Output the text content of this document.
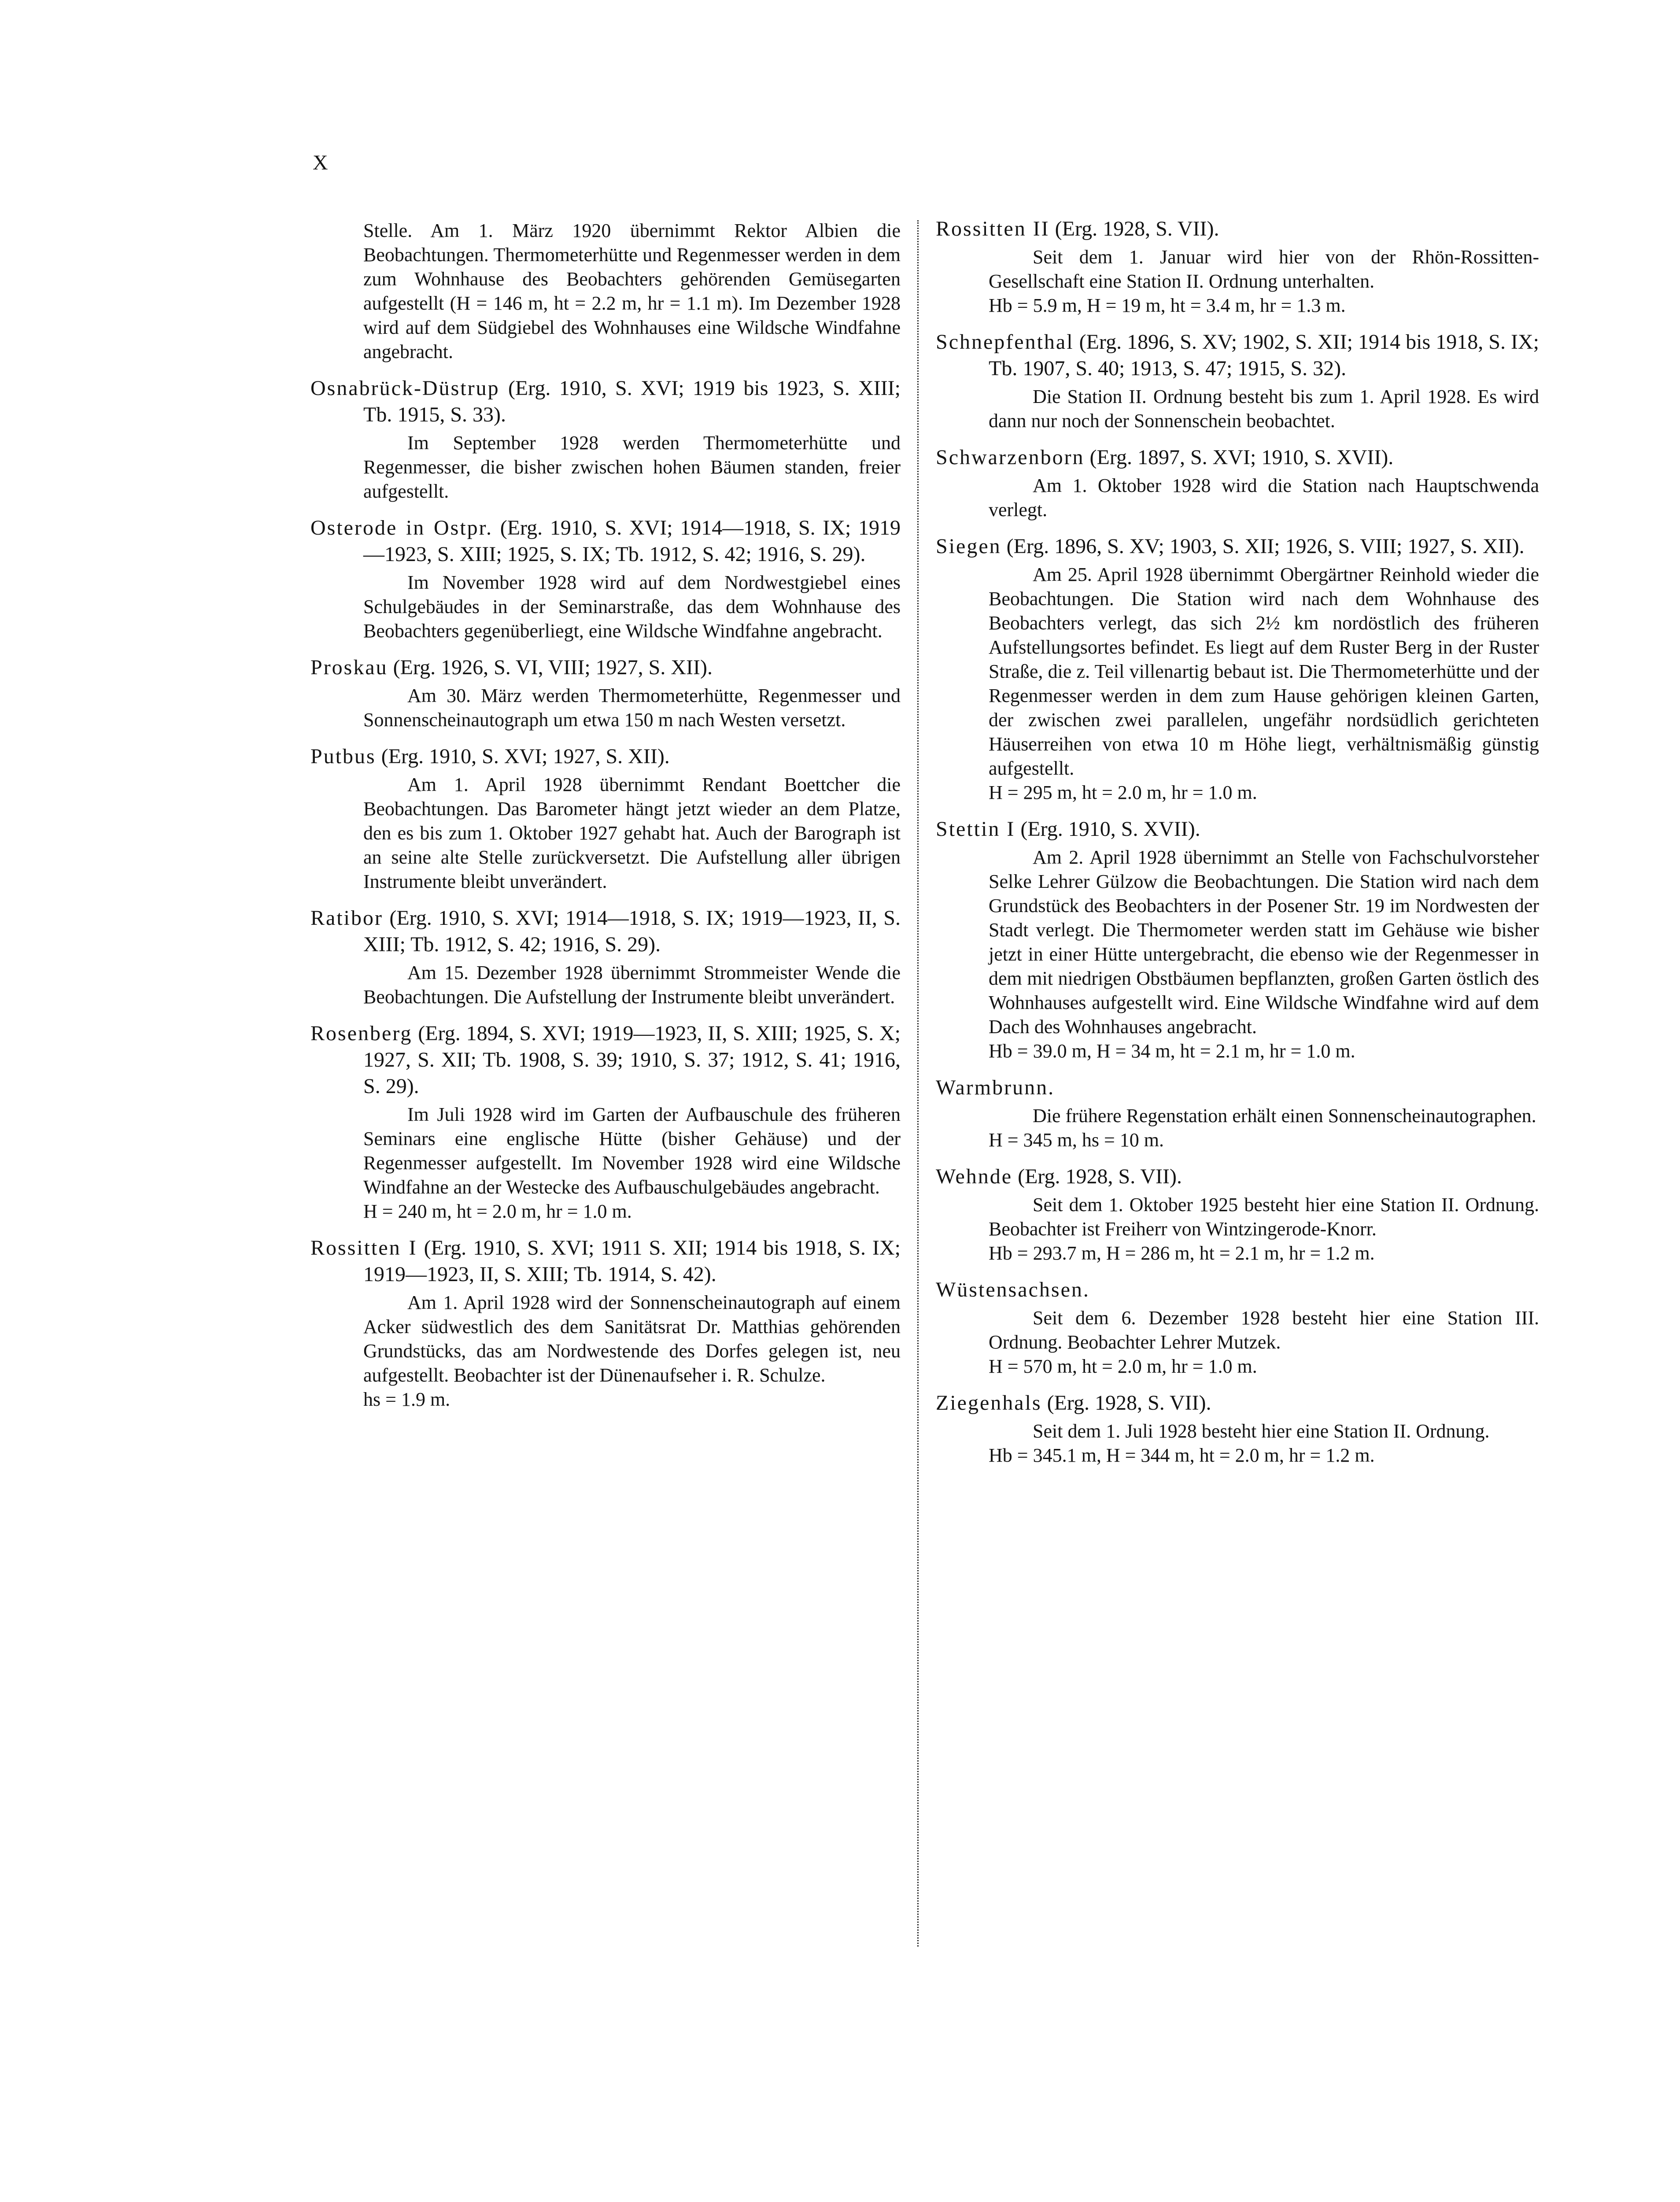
X
Stelle. Am 1. März 1920 übernimmt Rektor Albien die Beobachtungen. Thermometerhütte und Regenmesser werden in dem zum Wohnhause des Beobachters gehörenden Gemüsegarten aufgestellt (H = 146 m, ht = 2.2 m, hr = 1.1 m). Im Dezember 1928 wird auf dem Südgiebel des Wohnhauses eine Wildsche Windfahne angebracht.
Osnabrück-Düstrup (Erg. 1910, S. XVI; 1919 bis 1923, S. XIII; Tb. 1915, S. 33).
Im September 1928 werden Thermometerhütte und Regenmesser, die bisher zwischen hohen Bäumen standen, freier aufgestellt.
Osterode in Ostpr. (Erg. 1910, S. XVI; 1914—1918, S. IX; 1919—1923, S. XIII; 1925, S. IX; Tb. 1912, S. 42; 1916, S. 29).
Im November 1928 wird auf dem Nordwestgiebel eines Schulgebäudes in der Seminarstraße, das dem Wohnhause des Beobachters gegenüberliegt, eine Wildsche Windfahne angebracht.
Proskau (Erg. 1926, S. VI, VIII; 1927, S. XII).
Am 30. März werden Thermometerhütte, Regenmesser und Sonnenscheinautograph um etwa 150 m nach Westen versetzt.
Putbus (Erg. 1910, S. XVI; 1927, S. XII).
Am 1. April 1928 übernimmt Rendant Boettcher die Beobachtungen. Das Barometer hängt jetzt wieder an dem Platze, den es bis zum 1. Oktober 1927 gehabt hat. Auch der Barograph ist an seine alte Stelle zurückversetzt. Die Aufstellung aller übrigen Instrumente bleibt unverändert.
Ratibor (Erg. 1910, S. XVI; 1914—1918, S. IX; 1919—1923, II, S. XIII; Tb. 1912, S. 42; 1916, S. 29).
Am 15. Dezember 1928 übernimmt Strommeister Wende die Beobachtungen. Die Aufstellung der Instrumente bleibt unverändert.
Rosenberg (Erg. 1894, S. XVI; 1919—1923, II, S. XIII; 1925, S. X; 1927, S. XII; Tb. 1908, S. 39; 1910, S. 37; 1912, S. 41; 1916, S. 29).
Im Juli 1928 wird im Garten der Aufbauschule des früheren Seminars eine englische Hütte (bisher Gehäuse) und der Regenmesser aufgestellt. Im November 1928 wird eine Wildsche Windfahne an der Westecke des Aufbauschulgebäudes angebracht.
H = 240 m, ht = 2.0 m, hr = 1.0 m.
Rossitten I (Erg. 1910, S. XVI; 1911 S. XII; 1914 bis 1918, S. IX; 1919—1923, II, S. XIII; Tb. 1914, S. 42).
Am 1. April 1928 wird der Sonnenscheinautograph auf einem Acker südwestlich des dem Sanitätsrat Dr. Matthias gehörenden Grundstücks, das am Nordwestende des Dorfes gelegen ist, neu aufgestellt. Beobachter ist der Dünenaufseher i. R. Schulze.
hs = 1.9 m.
Rossitten II (Erg. 1928, S. VII).
Seit dem 1. Januar wird hier von der Rhön-Rossitten-Gesellschaft eine Station II. Ordnung unterhalten.
Hb = 5.9 m, H = 19 m, ht = 3.4 m, hr = 1.3 m.
Schnepfenthal (Erg. 1896, S. XV; 1902, S. XII; 1914 bis 1918, S. IX; Tb. 1907, S. 40; 1913, S. 47; 1915, S. 32).
Die Station II. Ordnung besteht bis zum 1. April 1928. Es wird dann nur noch der Sonnenschein beobachtet.
Schwarzenborn (Erg. 1897, S. XVI; 1910, S. XVII).
Am 1. Oktober 1928 wird die Station nach Hauptschwenda verlegt.
Siegen (Erg. 1896, S. XV; 1903, S. XII; 1926, S. VIII; 1927, S. XII).
Am 25. April 1928 übernimmt Obergärtner Reinhold wieder die Beobachtungen. Die Station wird nach dem Wohnhause des Beobachters verlegt, das sich 2½ km nordöstlich des früheren Aufstellungsortes befindet. Es liegt auf dem Ruster Berg in der Ruster Straße, die z. Teil villenartig bebaut ist. Die Thermometerhütte und der Regenmesser werden in dem zum Hause gehörigen kleinen Garten, der zwischen zwei parallelen, ungefähr nordsüdlich gerichteten Häuserreihen von etwa 10 m Höhe liegt, verhältnismäßig günstig aufgestellt.
H = 295 m, ht = 2.0 m, hr = 1.0 m.
Stettin I (Erg. 1910, S. XVII).
Am 2. April 1928 übernimmt an Stelle von Fachschulvorsteher Selke Lehrer Gülzow die Beobachtungen. Die Station wird nach dem Grundstück des Beobachters in der Posener Str. 19 im Nordwesten der Stadt verlegt. Die Thermometer werden statt im Gehäuse wie bisher jetzt in einer Hütte untergebracht, die ebenso wie der Regenmesser in dem mit niedrigen Obstbäumen bepflanzten, großen Garten östlich des Wohnhauses aufgestellt wird. Eine Wildsche Windfahne wird auf dem Dach des Wohnhauses angebracht.
Hb = 39.0 m, H = 34 m, ht = 2.1 m, hr = 1.0 m.
Warmbrunn.
Die frühere Regenstation erhält einen Sonnenscheinautographen.
H = 345 m, hs = 10 m.
Wehnde (Erg. 1928, S. VII).
Seit dem 1. Oktober 1925 besteht hier eine Station II. Ordnung. Beobachter ist Freiherr von Wintzingerode-Knorr.
Hb = 293.7 m, H = 286 m, ht = 2.1 m, hr = 1.2 m.
Wüstensachsen.
Seit dem 6. Dezember 1928 besteht hier eine Station III. Ordnung. Beobachter Lehrer Mutzek.
H = 570 m, ht = 2.0 m, hr = 1.0 m.
Ziegenhals (Erg. 1928, S. VII).
Seit dem 1. Juli 1928 besteht hier eine Station II. Ordnung.
Hb = 345.1 m, H = 344 m, ht = 2.0 m, hr = 1.2 m.
